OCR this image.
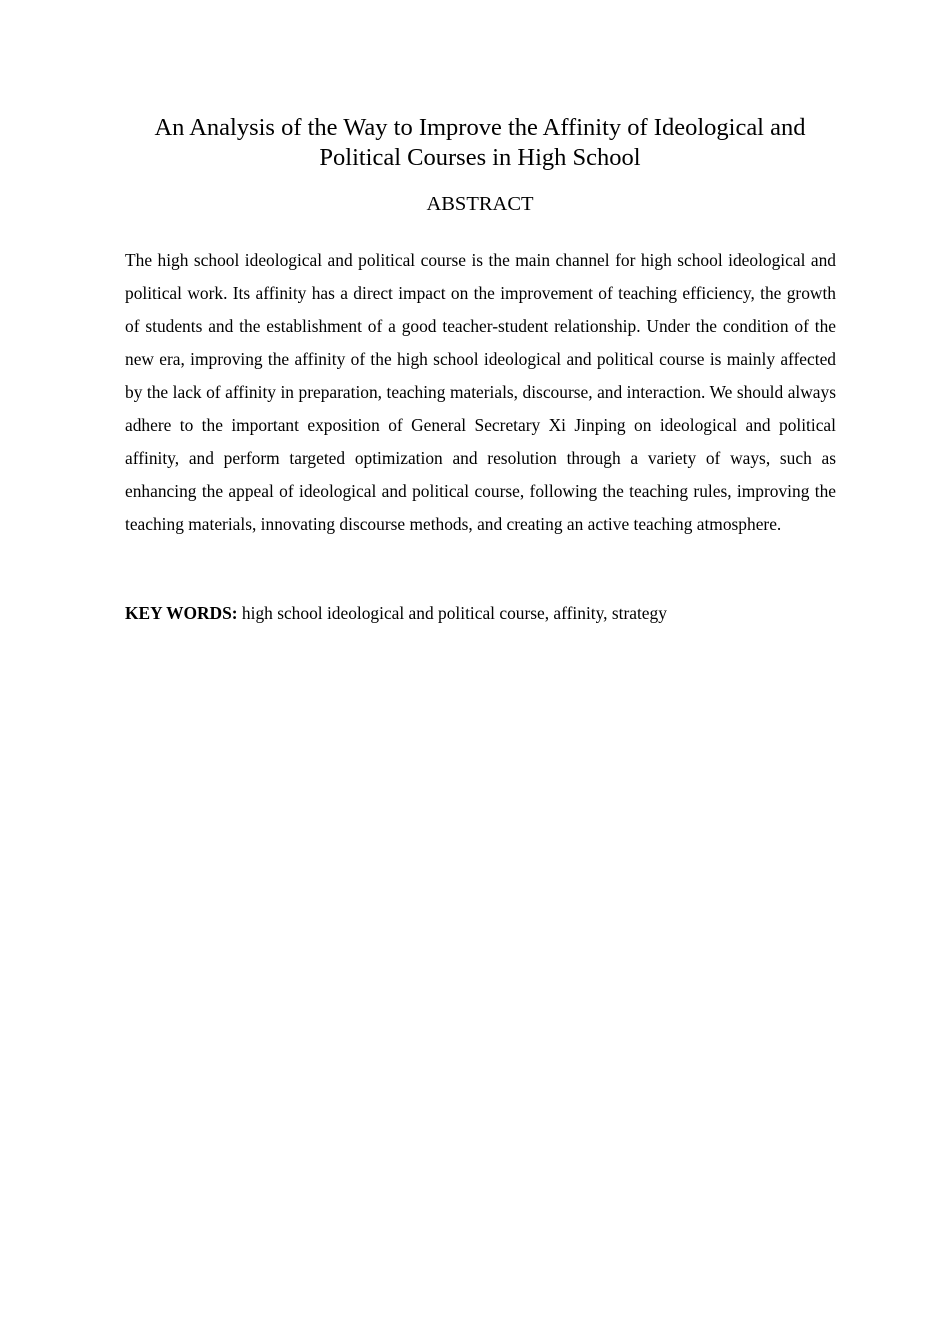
An Analysis of the Way to Improve the Affinity of Ideological and
Political Courses in High School
ABSTRACT

The high school ideological and political course is the main channel for high school ideological and political work. Its affinity has a direct impact on the improvement of teaching efficiency, the growth of students and the establishment of a good teacher-student relationship. Under the condition of the new era, improving the affinity of the high school ideological and political course is mainly affected by the lack of affinity in preparation, teaching materials, discourse, and interaction. We should always adhere to the important exposition of General Secretary Xi Jinping on ideological and political affinity, and perform targeted optimization and resolution through a variety of ways, such as enhancing the appeal of ideological and political course, following the teaching rules, improving the teaching materials, innovating discourse methods, and creating an active teaching atmosphere.

KEY WORDS: high school ideological and political course, affinity, strategy
